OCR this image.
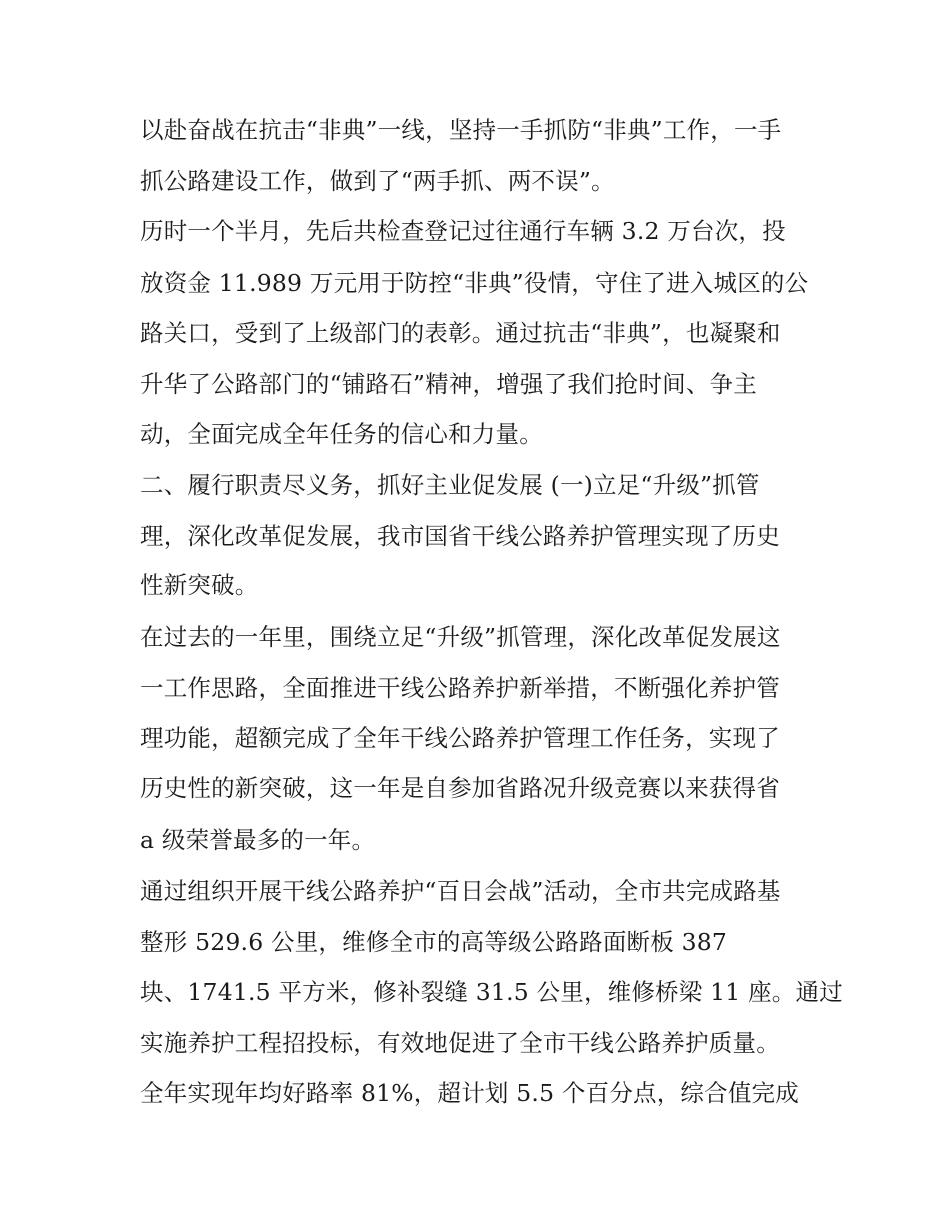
以赴奋战在抗击“非典”一线，坚持一手抓防“非典”工作，一手
抓公路建设工作，做到了“两手抓、两不误”。
历时一个半月，先后共检查登记过往通行车辆 3.2 万台次，投
放资金 11.989 万元用于防控“非典”役情，守住了进入城区的公
路关口，受到了上级部门的表彰。通过抗击“非典”，也凝聚和
升华了公路部门的“铺路石”精神，增强了我们抢时间、争主
动，全面完成全年任务的信心和力量。
二、履行职责尽义务，抓好主业促发展 (一)立足“升级”抓管
理，深化改革促发展，我市国省干线公路养护管理实现了历史
性新突破。
在过去的一年里，围绕立足“升级”抓管理，深化改革促发展这
一工作思路，全面推进干线公路养护新举措，不断强化养护管
理功能，超额完成了全年干线公路养护管理工作任务，实现了
历史性的新突破，这一年是自参加省路况升级竞赛以来获得省
a 级荣誉最多的一年。
通过组织开展干线公路养护“百日会战”活动，全市共完成路基
整形 529.6 公里，维修全市的高等级公路路面断板 387
块、1741.5 平方米，修补裂缝 31.5 公里，维修桥梁 11 座。通过
实施养护工程招投标，有效地促进了全市干线公路养护质量。
全年实现年均好路率 81%，超计划 5.5 个百分点，综合值完成
